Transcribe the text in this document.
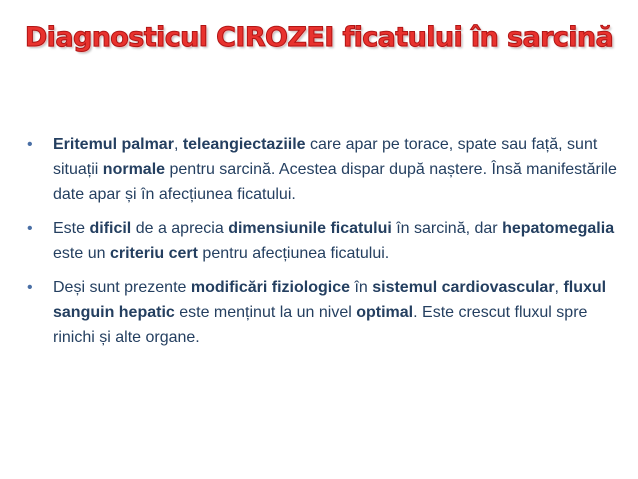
Diagnosticul CIROZEI ficatului în sarcină
• Eritemul palmar, teleangiectaziile care apar pe torace, spate sau față, sunt situații normale pentru sarcină. Acestea dispar după naștere. Însă manifestările date apar și în afecțiunea ficatului.
• Este dificil de a aprecia dimensiunile ficatului în sarcină, dar hepatomegalia este un criteriu cert pentru afecțiunea ficatului.
• Deși sunt prezente modificări fiziologice în sistemul cardiovascular, fluxul sanguin hepatic este menținut la un nivel optimal. Este crescut fluxul spre rinichi și alte organe.
